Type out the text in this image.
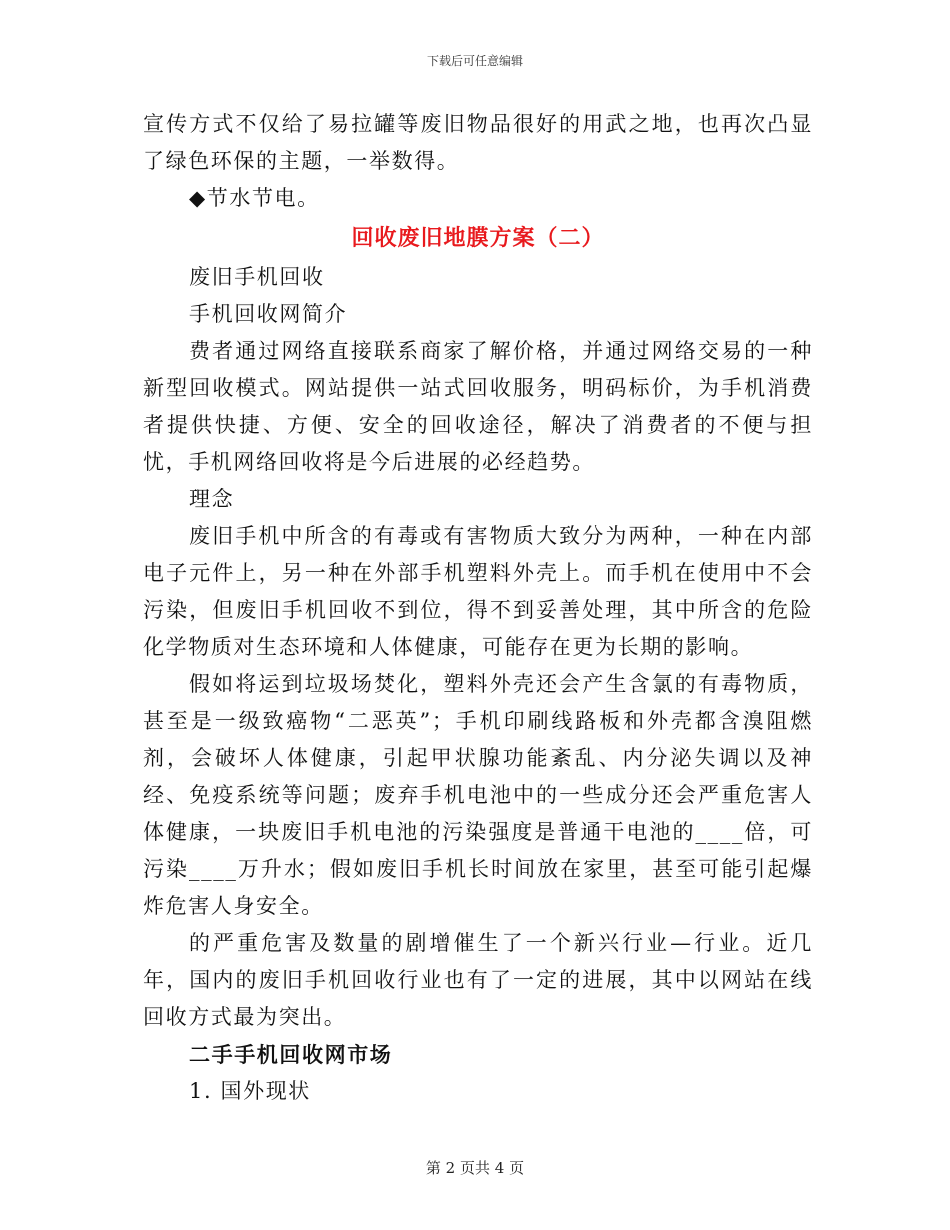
下载后可任意编辑

宣传方式不仅给了易拉罐等废旧物品很好的用武之地，也再次凸显了绿色环保的主题，一举数得。

◆节水节电。

回收废旧地膜方案（二）

废旧手机回收

手机回收网简介

费者通过网络直接联系商家了解价格，并通过网络交易的一种新型回收模式。网站提供一站式回收服务，明码标价，为手机消费者提供快捷、方便、安全的回收途径，解决了消费者的不便与担忧，手机网络回收将是今后进展的必经趋势。

理念

废旧手机中所含的有毒或有害物质大致分为两种，一种在内部电子元件上，另一种在外部手机塑料外壳上。而手机在使用中不会污染，但废旧手机回收不到位，得不到妥善处理，其中所含的危险化学物质对生态环境和人体健康，可能存在更为长期的影响。

假如将运到垃圾场焚化，塑料外壳还会产生含氯的有毒物质，甚至是一级致癌物“二恶英”；手机印刷线路板和外壳都含溴阻燃剂，会破坏人体健康，引起甲状腺功能紊乱、内分泌失调以及神经、免疫系统等问题；废弃手机电池中的一些成分还会严重危害人体健康，一块废旧手机电池的污染强度是普通干电池的____倍，可污染____万升水；假如废旧手机长时间放在家里，甚至可能引起爆炸危害人身安全。

的严重危害及数量的剧增催生了一个新兴行业—行业。近几年，国内的废旧手机回收行业也有了一定的进展，其中以网站在线回收方式最为突出。

二手手机回收网市场

1. 国外现状

第 2 页共 4 页
